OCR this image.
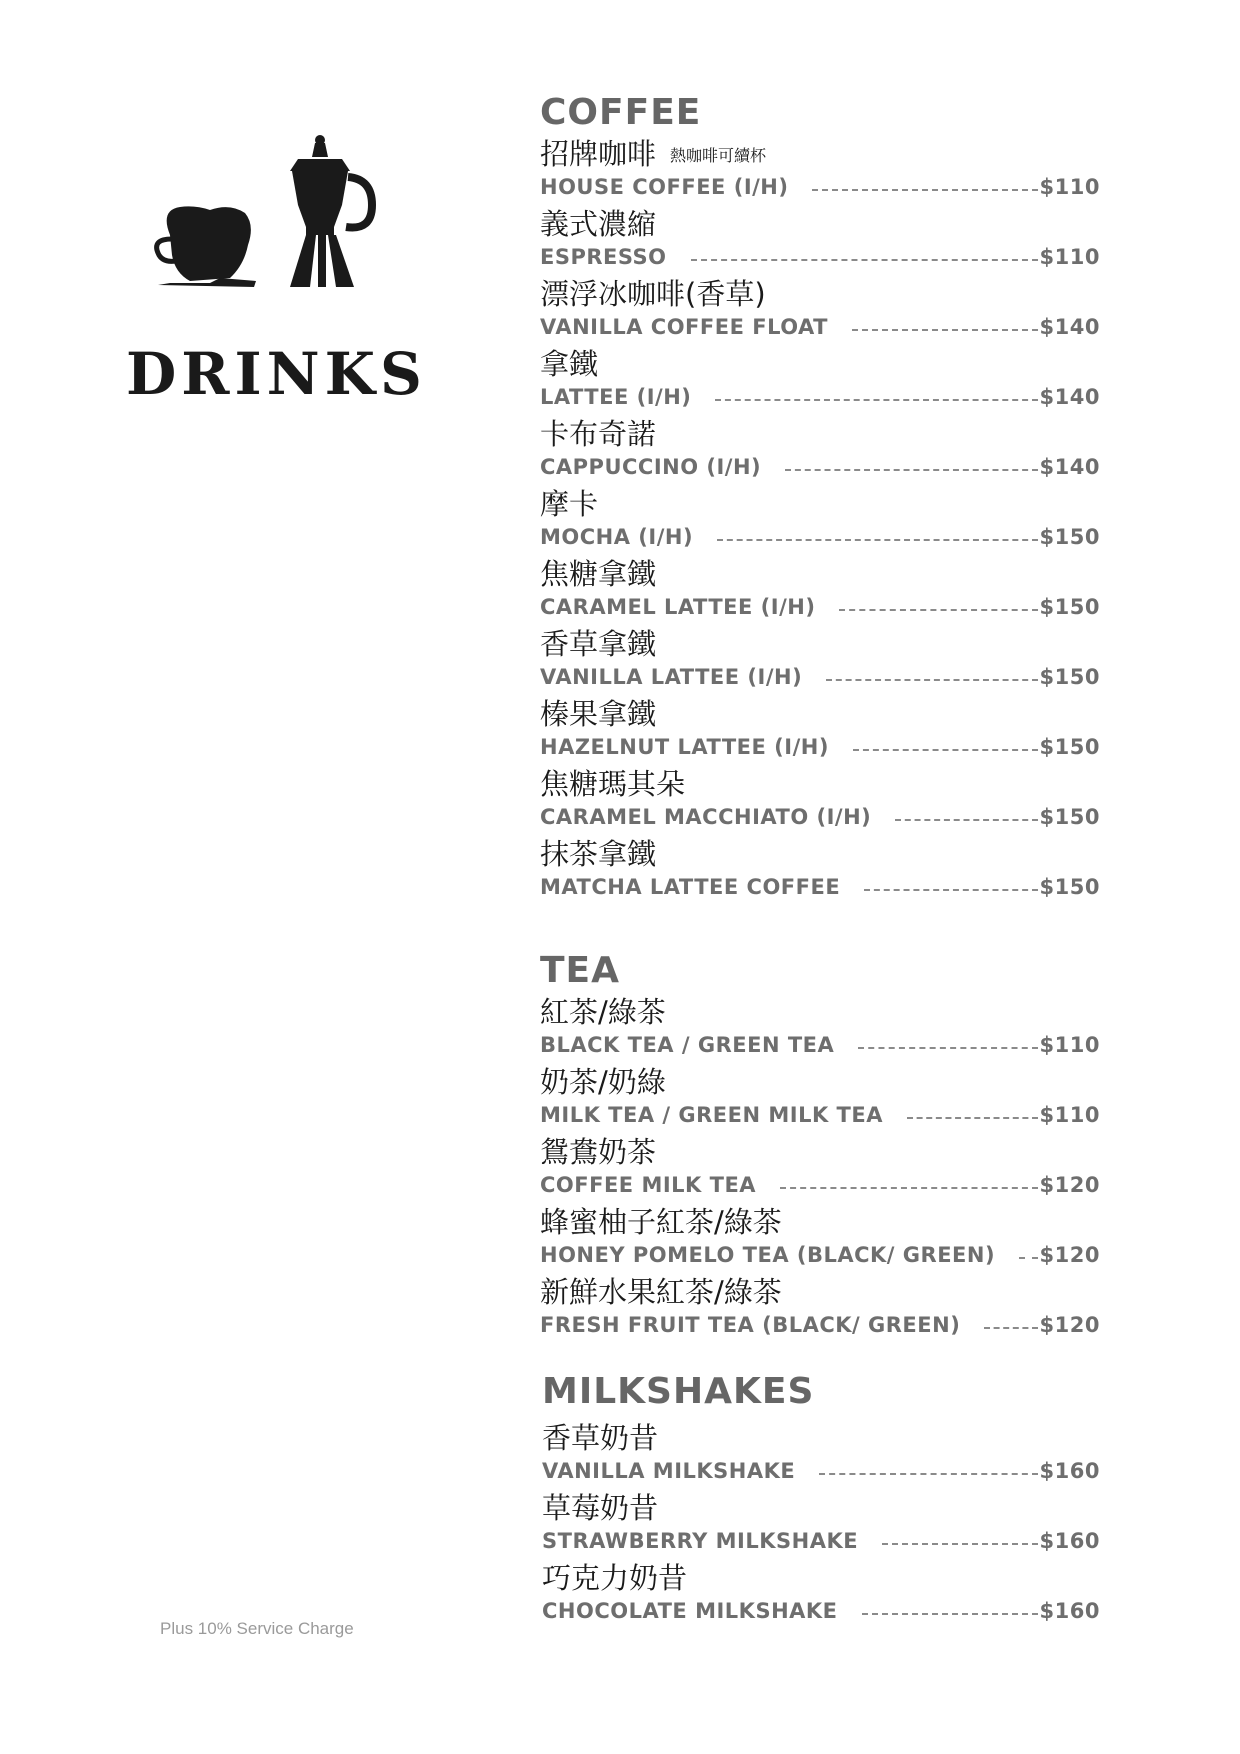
DRINKS
Plus 10% Service Charge
COFFEE
招牌咖啡 熱咖啡可續杯
HOUSE COFFEE (I/H)	$110
義式濃縮
ESPRESSO	$110
漂浮冰咖啡(香草)
VANILLA COFFEE FLOAT	$140
拿鐵
LATTEE (I/H)	$140
卡布奇諾
CAPPUCCINO (I/H)	$140
摩卡
MOCHA (I/H)	$150
焦糖拿鐵
CARAMEL LATTEE (I/H)	$150
香草拿鐵
VANILLA LATTEE (I/H)	$150
榛果拿鐵
HAZELNUT LATTEE (I/H)	$150
焦糖瑪其朵
CARAMEL MACCHIATO (I/H)	$150
抹茶拿鐵
MATCHA LATTEE COFFEE	$150
TEA
紅茶/綠茶
BLACK TEA / GREEN TEA	$110
奶茶/奶綠
MILK TEA / GREEN MILK TEA	$110
鴛鴦奶茶
COFFEE MILK TEA	$120
蜂蜜柚子紅茶/綠茶
HONEY POMELO TEA (BLACK/ GREEN) $120
新鮮水果紅茶/綠茶
FRESH FRUIT TEA (BLACK/ GREEN)	$120
MILKSHAKES
香草奶昔
VANILLA MILKSHAKE	$160
草莓奶昔
STRAWBERRY MILKSHAKE	$160
巧克力奶昔
CHOCOLATE MILKSHAKE	$160
